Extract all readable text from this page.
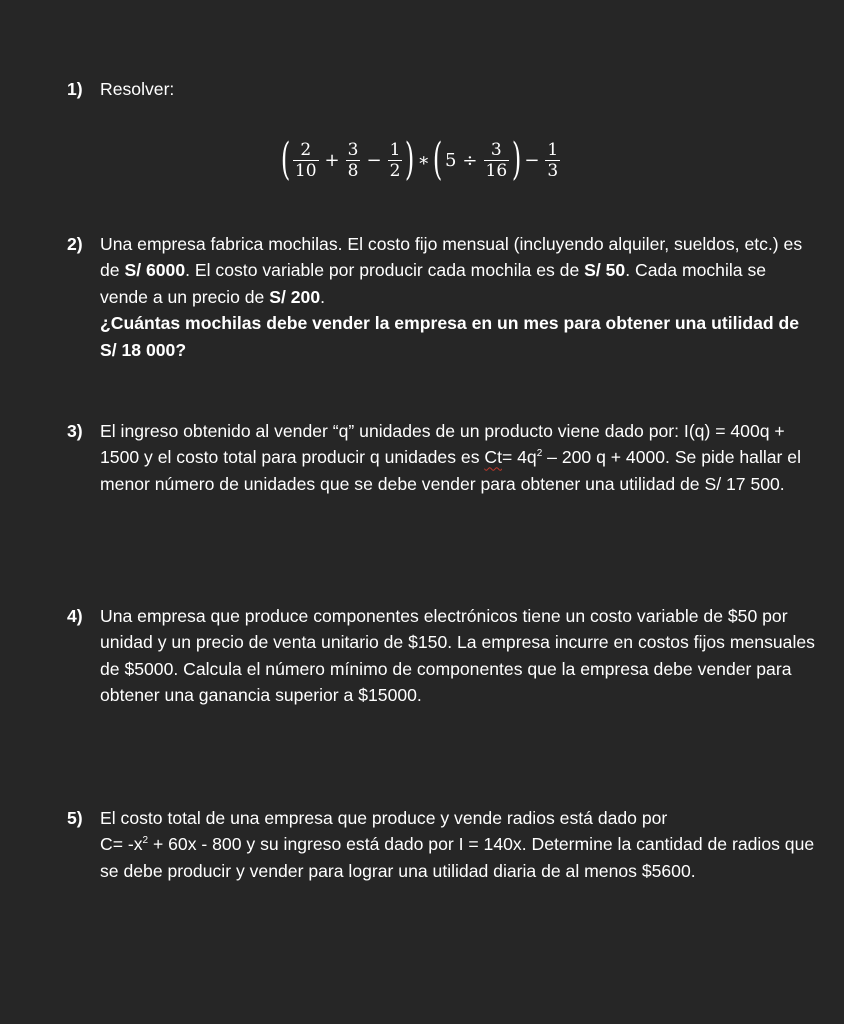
1) Resolver:
( $\frac{2}{10} + \frac{3}{8} - \frac{1}{2}$ ) ∗ ( $5 \div \frac{3}{16}$ ) − $\frac{1}{3}$
2) Una empresa fabrica mochilas. El costo fijo mensual (incluyendo alquiler, sueldos, etc.) es de S/ 6000. El costo variable por producir cada mochila es de S/ 50. Cada mochila se vende a un precio de S/ 200.
¿Cuántas mochilas debe vender la empresa en un mes para obtener una utilidad de S/ 18 000?
3) El ingreso obtenido al vender “q” unidades de un producto viene dado por: I(q) = 400q + 1500 y el costo total para producir q unidades es $Ct= 4q^2 - 200$ q + 4000. Se pide hallar el menor número de unidades que se debe vender para obtener una utilidad de S/ 17 500.
4) Una empresa que produce componentes electrónicos tiene un costo variable de $50 por unidad y un precio de venta unitario de $150. La empresa incurre en costos fijos mensuales de $5000. Calcula el número mínimo de componentes que la empresa debe vender para obtener una ganancia superior a $15000.
5) El costo total de una empresa que produce y vende radios está dado por
$C= -x^2 + 60x - 800$ y su ingreso está dado por I = 140x. Determine la cantidad de radios que se debe producir y vender para lograr una utilidad diaria de al menos $5600.
